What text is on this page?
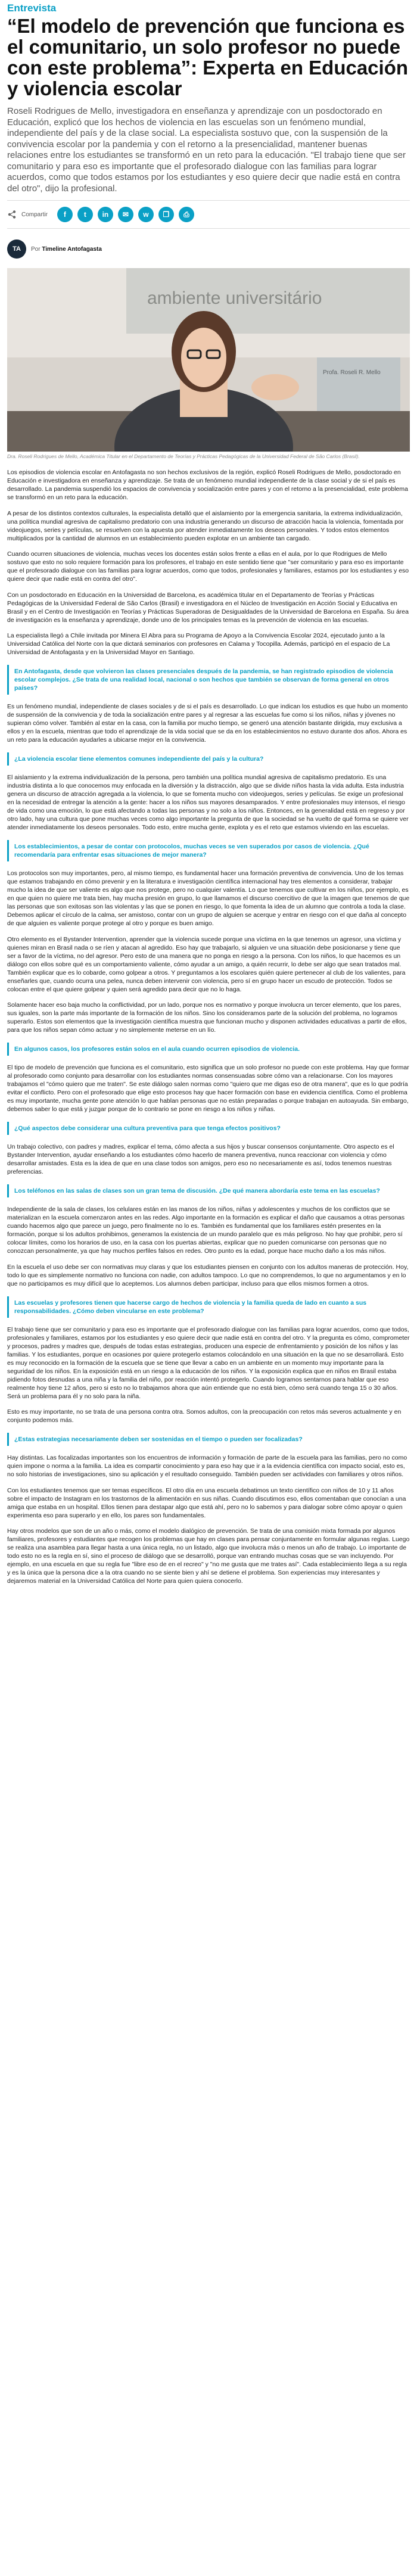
Entrevista
“El modelo de prevención que funciona es el comunitario, un solo profesor no puede con este problema”: Experta en Educación y violencia escolar

Roseli Rodrigues de Mello, investigadora en enseñanza y aprendizaje con un posdoctorado en Educación, explicó que los hechos de violencia en las escuelas son un fenómeno mundial, independiente del país y de la clase social. La especialista sostuvo que, con la suspensión de la convivencia escolar por la pandemia y con el retorno a la presencialidad, mantener buenas relaciones entre los estudiantes se transformó en un reto para la educación. "El trabajo tiene que ser comunitario y para eso es importante que el profesorado dialogue con las familias para lograr acuerdos, como que todos estamos por los estudiantes y eso quiere decir que nadie está en contra del otro", dijo la profesional.

Compartir	f	t	in	✉	w	❐	⎙
TA	Por Timeline Antofagasta
ambiente universitário
Profa. Roseli R. Mello
Dra. Roseli Rodrigues de Mello, Académica Titular en el Departamento de Teorías y Prácticas Pedagógicas de la Universidad Federal de São Carlos (Brasil).

Los episodios de violencia escolar en Antofagasta no son hechos exclusivos de la región, explicó Roseli Rodrigues de Mello, posdoctorado en Educación e investigadora en enseñanza y aprendizaje. Se trata de un fenómeno mundial independiente de la clase social y de si el país es desarrollado. La pandemia suspendió los espacios de convivencia y socialización entre pares y con el retorno a la presencialidad, este problema se transformó en un reto para la educación.

A pesar de los distintos contextos culturales, la especialista detalló que el aislamiento por la emergencia sanitaria, la extrema individualización, una política mundial agresiva de capitalismo predatorio con una industria generando un discurso de atracción hacia la violencia, fomentada por videojuegos, series y películas, se resuelven con la apuesta por atender inmediatamente los deseos personales. Y todos estos elementos multiplicados por la cantidad de alumnos en un establecimiento pueden explotar en un ambiente tan cargado.

Cuando ocurren situaciones de violencia, muchas veces los docentes están solos frente a ellas en el aula, por lo que Rodrigues de Mello sostuvo que esto no solo requiere formación para los profesores, el trabajo en este sentido tiene que "ser comunitario y para eso es importante que el profesorado dialogue con las familias para lograr acuerdos, como que todos, profesionales y familiares, estamos por los estudiantes y eso quiere decir que nadie está en contra del otro".

Con un posdoctorado en Educación en la Universidad de Barcelona, es académica titular en el Departamento de Teorías y Prácticas Pedagógicas de la Universidad Federal de São Carlos (Brasil) e investigadora en el Núcleo de Investigación en Acción Social y Educativa en Brasil y en el Centro de Investigación en Teorías y Prácticas Superadoras de Desigualdades de la Universidad de Barcelona en España. Su área de investigación es la enseñanza y aprendizaje, donde uno de los principales temas es la prevención de violencia en las escuelas.

La especialista llegó a Chile invitada por Minera El Abra para su Programa de Apoyo a la Convivencia Escolar 2024, ejecutado junto a la Universidad Católica del Norte con la que dictará seminarios con profesores en Calama y Tocopilla. Además, participó en el espacio de La Universidad de Antofagasta y en la Universidad Mayor en Santiago.

En Antofagasta, desde que volvieron las clases presenciales después de la pandemia, se han registrado episodios de violencia escolar complejos. ¿Se trata de una realidad local, nacional o son hechos que también se observan de forma general en otros países?

Es un fenómeno mundial, independiente de clases sociales y de si el país es desarrollado. Lo que indican los estudios es que hubo un momento de suspensión de la convivencia y de toda la socialización entre pares y al regresar a las escuelas fue como si los niños, niñas y jóvenes no supieran cómo volver. También al estar en la casa, con la familia por mucho tiempo, se generó una atención bastante dirigida, muy exclusiva a ellos y en la escuela, mientras que todo el aprendizaje de la vida social que se da en los establecimientos no estuvo durante dos años. Ahora es un reto para la educación ayudarles a ubicarse mejor en la convivencia.

¿La violencia escolar tiene elementos comunes independiente del país y la cultura?

El aislamiento y la extrema individualización de la persona, pero también una política mundial agresiva de capitalismo predatorio. Es una industria distinta a lo que conocemos muy enfocada en la diversión y la distracción, algo que se divide niños hasta la vida adulta. Esta industria genera un discurso de atracción agregada a la violencia, lo que se fomenta mucho con videojuegos, series y películas. Se exige un profesional en la necesidad de entregar la atención a la gente: hacer a los niños sus mayores desamparados. Y entre profesionales muy intensos, el riesgo de vida como una emoción, lo que está afectando a todas las personas y no solo a los niños. Entonces, en la generalidad está en regreso y por otro lado, hay una cultura que pone muchas veces como algo importante la pregunta de que la sociedad se ha vuelto de qué forma se quiere ver atender inmediatamente los deseos personales. Todo esto, entre mucha gente, explota y es el reto que estamos viviendo en las escuelas.

Los establecimientos, a pesar de contar con protocolos, muchas veces se ven superados por casos de violencia. ¿Qué recomendaría para enfrentar esas situaciones de mejor manera?

Los protocolos son muy importantes, pero, al mismo tiempo, es fundamental hacer una formación preventiva de convivencia. Uno de los temas que estamos trabajando en cómo prevenir y en la literatura e investigación científica internacional hay tres elementos a considerar, trabajar mucho la idea de que ser valiente es algo que nos protege, pero no cualquier valentía. Lo que tenemos que cultivar en los niños, por ejemplo, es en que quien no quiere me trata bien, hay mucha presión en grupo, lo que llamamos el discurso coercitivo de que la imagen que tenemos de que las personas que son exitosas son las violentas y las que se ponen en riesgo, lo que fomenta la idea de un alumno que controla a toda la clase. Debemos aplicar el círculo de la calma, ser amistoso, contar con un grupo de alguien se acerque y entrar en riesgo con el que daña al concepto de que alguien es valiente porque protege al otro y porque es buen amigo.

Otro elemento es el Bystander Intervention, aprender que la violencia sucede porque una víctima en la que tenemos un agresor, una víctima y quienes miran en Brasil nada o se ríen y atacan al agredido. Eso hay que trabajarlo, si alguien ve una situación debe posicionarse y tiene que ser a favor de la víctima, no del agresor. Pero esto de una manera que no ponga en riesgo a la persona. Con los niños, lo que hacemos es un diálogo con ellos sobre qué es un comportamiento valiente, cómo ayudar a un amigo, a quién recurrir, lo debe ser algo que sean tratados mal. También explicar que es lo cobarde, como golpear a otros. Y preguntamos a los escolares quién quiere pertenecer al club de los valientes, para enseñarles que, cuando ocurra una pelea, nunca deben intervenir con violencia, pero sí en grupo hacer un escudo de protección. Todos se colocan entre el que quiere golpear y quien será agredido para decir que no lo haga.

Solamente hacer eso baja mucho la conflictividad, por un lado, porque nos es normativo y porque involucra un tercer elemento, que los pares, sus iguales, son la parte más importante de la formación de los niños. Sino los consideramos parte de la solución del problema, no logramos superarlo. Estos son elementos que la investigación científica muestra que funcionan mucho y disponen actividades educativas a partir de ellos, para que los niños sepan cómo actuar y no simplemente meterse en un lío.

En algunos casos, los profesores están solos en el aula cuando ocurren episodios de violencia.

El tipo de modelo de prevención que funciona es el comunitario, esto significa que un solo profesor no puede con este problema. Hay que formar al profesorado como conjunto para desarrollar con los estudiantes normas consensuadas sobre cómo van a relacionarse. Con los mayores trabajamos el "cómo quiero que me traten". Se este diálogo salen normas como "quiero que me digas eso de otra manera", que es lo que podría evitar el conflicto. Pero con el profesorado que elige esto procesos hay que hacer formación con base en evidencia científica. Como el problema es muy importante, mucha gente pone atención lo que hablan personas que no están preparadas o porque trabajan en autoayuda. Sin embargo, debemos saber lo que está y juzgar porque de lo contrario se pone en riesgo a los niños y niñas.

¿Qué aspectos debe considerar una cultura preventiva para que tenga efectos positivos?

Un trabajo colectivo, con padres y madres, explicar el tema, cómo afecta a sus hijos y buscar consensos conjuntamente. Otro aspecto es el Bystander Intervention, ayudar enseñando a los estudiantes cómo hacerlo de manera preventiva, nunca reaccionar con violencia y cómo desarrollar amistades. Esta es la idea de que en una clase todos son amigos, pero eso no necesariamente es así, todos tenemos nuestras preferencias.

Los teléfonos en las salas de clases son un gran tema de discusión. ¿De qué manera abordaría este tema en las escuelas?

Independiente de la sala de clases, los celulares están en las manos de los niños, niñas y adolescentes y muchos de los conflictos que se materializan en la escuela comenzaron antes en las redes. Algo importante en la formación es explicar el daño que causamos a otras personas cuando hacemos algo que parece un juego, pero finalmente no lo es. También es fundamental que los familiares estén presentes en la formación, porque si los adultos prohibimos, generamos la existencia de un mundo paralelo que es más peligroso. No hay que prohibir, pero sí colocar límites, como los horarios de uso, en la casa con los puertas abiertas, explicar que no pueden comunicarse con personas que no conozcan personalmente, ya que hay muchos perfiles falsos en redes. Otro punto es la edad, porque hace mucho daño a los más niños.

En la escuela el uso debe ser con normativas muy claras y que los estudiantes piensen en conjunto con los adultos maneras de protección. Hoy, todo lo que es simplemente normativo no funciona con nadie, con adultos tampoco. Lo que no comprendemos, lo que no argumentamos y en lo que no participamos es muy difícil que lo aceptemos. Los alumnos deben participar, incluso para que ellos mismos formen a otros.

Las escuelas y profesores tienen que hacerse cargo de hechos de violencia y la familia queda de lado en cuanto a sus responsabilidades. ¿Cómo deben vincularse en este problema?

El trabajo tiene que ser comunitario y para eso es importante que el profesorado dialogue con las familias para lograr acuerdos, como que todos, profesionales y familiares, estamos por los estudiantes y eso quiere decir que nadie está en contra del otro. Y la pregunta es cómo, comprometer y procesos, padres y madres que, después de todas estas estrategias, producen una especie de enfrentamiento y posición de los niños y las familias. Y los estudiantes, porque en ocasiones por quiere protegerlo estamos colocándolo en una situación en la que no se desarrollará. Esto es muy reconocido en la formación de la escuela que se tiene que llevar a cabo en un ambiente en un momento muy importante para la seguridad de los niños. En la exposición está en un riesgo a la educación de los niños. Y la exposición explica que en niños en Brasil estaba pidiendo fotos desnudas a una niña y la familia del niño, por reacción intentó protegerlo. Cuando logramos sentarnos para hablar que eso realmente hoy tiene 12 años, pero si esto no lo trabajamos ahora que aún entiende que no está bien, cómo será cuando tenga 15 o 30 años. Será un problema para él y no solo para la niña.

Esto es muy importante, no se trata de una persona contra otra. Somos adultos, con la preocupación con retos más severos actualmente y en conjunto podemos más.

¿Estas estrategias necesariamente deben ser sostenidas en el tiempo o pueden ser focalizadas?

Hay distintas. Las focalizadas importantes son los encuentros de información y formación de parte de la escuela para las familias, pero no como quien impone o norma a la familia. La idea es compartir conocimiento y para eso hay que ir a la evidencia científica con impacto social, esto es, no solo historias de investigaciones, sino su aplicación y el resultado conseguido. También pueden ser actividades con familiares y otros niños.

Con los estudiantes tenemos que ser temas específicos. El otro día en una escuela debatimos un texto científico con niños de 10 y 11 años sobre el impacto de Instagram en los trastornos de la alimentación en sus niñas. Cuando discutimos eso, ellos comentaban que conocían a una amiga que estaba en un hospital. Ellos tienen para destapar algo que está ahí, pero no lo sabemos y para dialogar sobre cómo apoyar o quien experimenta eso para superarlo y en ello, los pares son fundamentales.

Hay otros modelos que son de un año o más, como el modelo dialógico de prevención. Se trata de una comisión mixta formada por algunos familiares, profesores y estudiantes que recogen los problemas que hay en clases para pensar conjuntamente en formular algunas reglas. Luego se realiza una asamblea para llegar hasta a una única regla, no un listado, algo que involucra más o menos un año de trabajo. Lo importante de todo esto no es la regla en sí, sino el proceso de diálogo que se desarrolló, porque van entrando muchas cosas que se van incluyendo. Por ejemplo, en una escuela en que su regla fue "libre eso de en el recreo" y "no me gusta que me trates así". Cada establecimiento llega a su regla y es la única que la persona dice a la otra cuando no se siente bien y ahí se detiene el problema. Son experiencias muy interesantes y dejaremos material en la Universidad Católica del Norte para quien quiera conocerlo.
